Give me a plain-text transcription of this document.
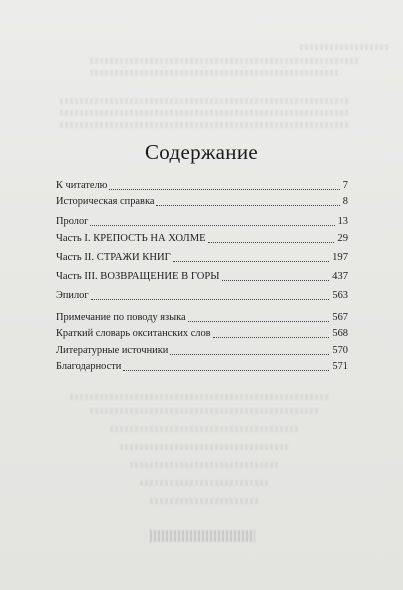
Содержание
К читателю	7
Историческая справка	8
Пролог	13
Часть I. КРЕПОСТЬ НА ХОЛМЕ	29
Часть II. СТРАЖИ КНИГ	197
Часть III. ВОЗВРАЩЕНИЕ В ГОРЫ	437
Эпилог	563
Примечание по поводу языка	567
Краткий словарь окситанских слов	568
Литературные источники	570
Благодарности	571
